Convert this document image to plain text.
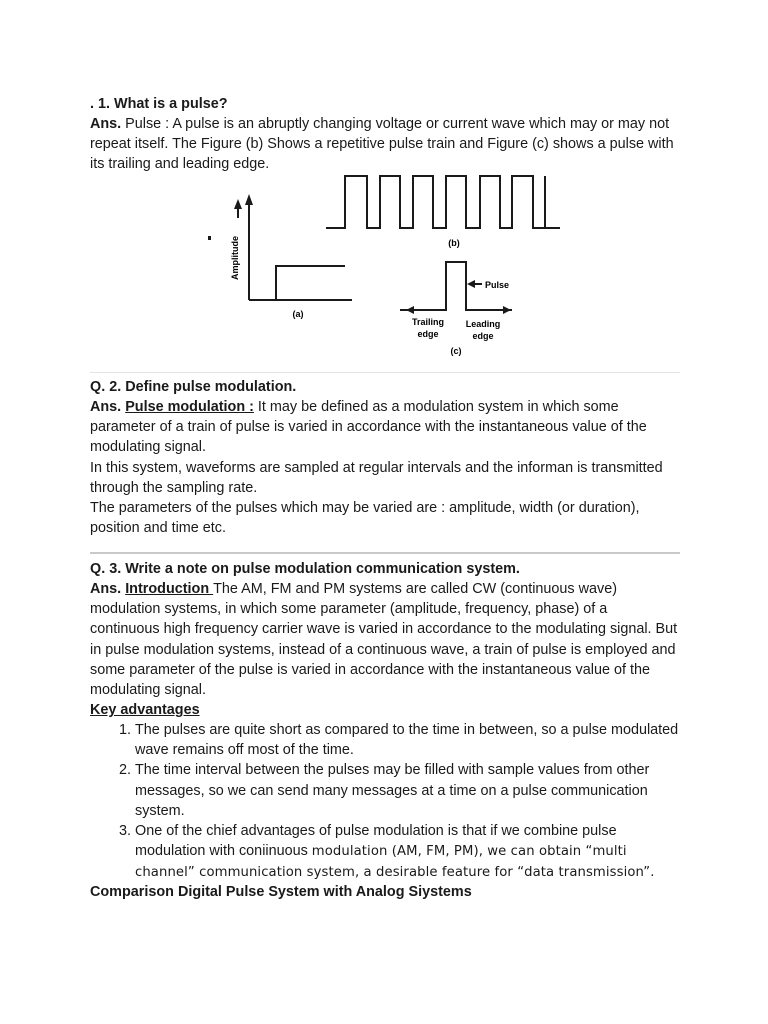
. 1. What is a pulse?
Ans. Pulse : A pulse is an abruptly changing voltage or current wave which may or may not repeat itself. The Figure (b) Shows a repetitive pulse train and Figure (c) shows a pulse with its trailing and leading edge.
Amplitude
(a)
(b)
(c)
Pulse
Trailing
edge
Leading
edge
Q. 2. Define pulse modulation.
Ans. Pulse modulation : It may be defined as a modulation system in which some parameter of a train of pulse is varied in accordance with the instantaneous value of the modulating signal.
In this system, waveforms are sampled at regular intervals and the informan is transmitted through the sampling rate.
The parameters of the pulses which may be varied are : amplitude, width (or duration), position and time etc.
Q. 3. Write a note on pulse modulation communication system.
Ans. Introduction The AM, FM and PM systems are called CW (continuous wave) modulation systems, in which some parameter (amplitude, frequency, phase) of a continuous high frequency carrier wave is varied in accordance to the modulating signal. But in pulse modulation systems, instead of a continuous wave, a train of pulse is employed and some parameter of the pulse is varied in accordance with the instantaneous value of the modulating signal.
Key advantages
1. The pulses are quite short as compared to the time in between, so a pulse modulated wave remains off most of the time.
2. The time interval between the pulses may be filled with sample values from other messages, so we can send many messages at a time on a pulse communication system.
3. One of the chief advantages of pulse modulation is that if we combine pulse modulation with coniinuous modulation (AM, FM, PM), we can obtain “multi channel” communication system, a desirable feature for “data transmission”.
Comparison Digital Pulse System with Analog Siystems
